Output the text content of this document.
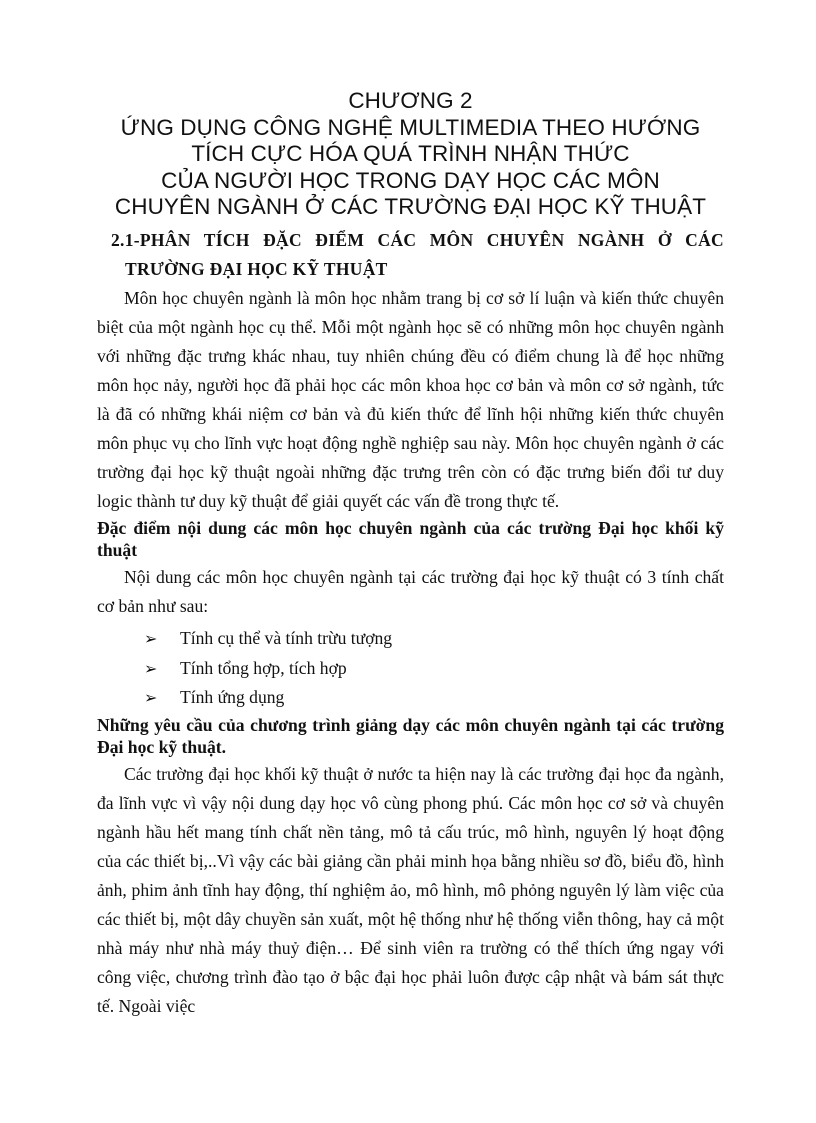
CHƯƠNG 2
ỨNG DỤNG CÔNG NGHỆ MULTIMEDIA THEO HƯỚNG
TÍCH CỰC HÓA QUÁ TRÌNH NHẬN THỨC
CỦA NGƯỜI HỌC TRONG DẠY HỌC CÁC MÔN
CHUYÊN NGÀNH Ở CÁC TRƯỜNG ĐẠI HỌC KỸ THUẬT
2.1-PHÂN TÍCH ĐẶC ĐIỂM CÁC MÔN CHUYÊN NGÀNH Ở CÁC
TRƯỜNG ĐẠI HỌC KỸ THUẬT

Môn học chuyên ngành là môn học nhằm trang bị cơ sở lí luận và kiến thức chuyên biệt của một ngành học cụ thể. Mỗi một ngành học sẽ có những môn học chuyên ngành với những đặc trưng khác nhau, tuy nhiên chúng đều có điểm chung là để học những môn học nảy, người học đã phải học các môn khoa học cơ bản và môn cơ sở ngành, tức là đã có những khái niệm cơ bản và đủ kiến thức để lĩnh hội những kiến thức chuyên môn phục vụ cho lĩnh vực hoạt động nghề nghiệp sau này. Môn học chuyên ngành ở các trường đại học kỹ thuật ngoài những đặc trưng trên còn có đặc trưng biến đổi tư duy logic thành tư duy kỹ thuật để giải quyết các vấn đề trong thực tế.

Đặc điểm nội dung các môn học chuyên ngành của các trường Đại học khối kỹ thuật

Nội dung các môn học chuyên ngành tại các trường đại học kỹ thuật có 3 tính chất cơ bản như sau:

➢	Tính cụ thể và tính trừu tượng
➢	Tính tổng hợp, tích hợp
➢	Tính ứng dụng
Những yêu cầu của chương trình giảng dạy các môn chuyên ngành tại các trường Đại học kỹ thuật.

Các trường đại học khối kỹ thuật ở nước ta hiện nay là các trường đại học đa ngành, đa lĩnh vực vì vậy nội dung dạy học vô cùng phong phú. Các môn học cơ sở và chuyên ngành hầu hết mang tính chất nền tảng, mô tả cấu trúc, mô hình, nguyên lý hoạt động của các thiết bị,..Vì vậy các bài giảng cần phải minh họa bằng nhiều sơ đồ, biểu đồ, hình ảnh, phim ảnh tĩnh hay động, thí nghiệm ảo, mô hình, mô phỏng nguyên lý làm việc của các thiết bị, một dây chuyền sản xuất, một hệ thống như hệ thống viễn thông, hay cả một nhà máy như nhà máy thuỷ điện… Để sinh viên ra trường có thể thích ứng ngay với công việc, chương trình đào tạo ở bậc đại học phải luôn được cập nhật và bám sát thực tế. Ngoài việc
